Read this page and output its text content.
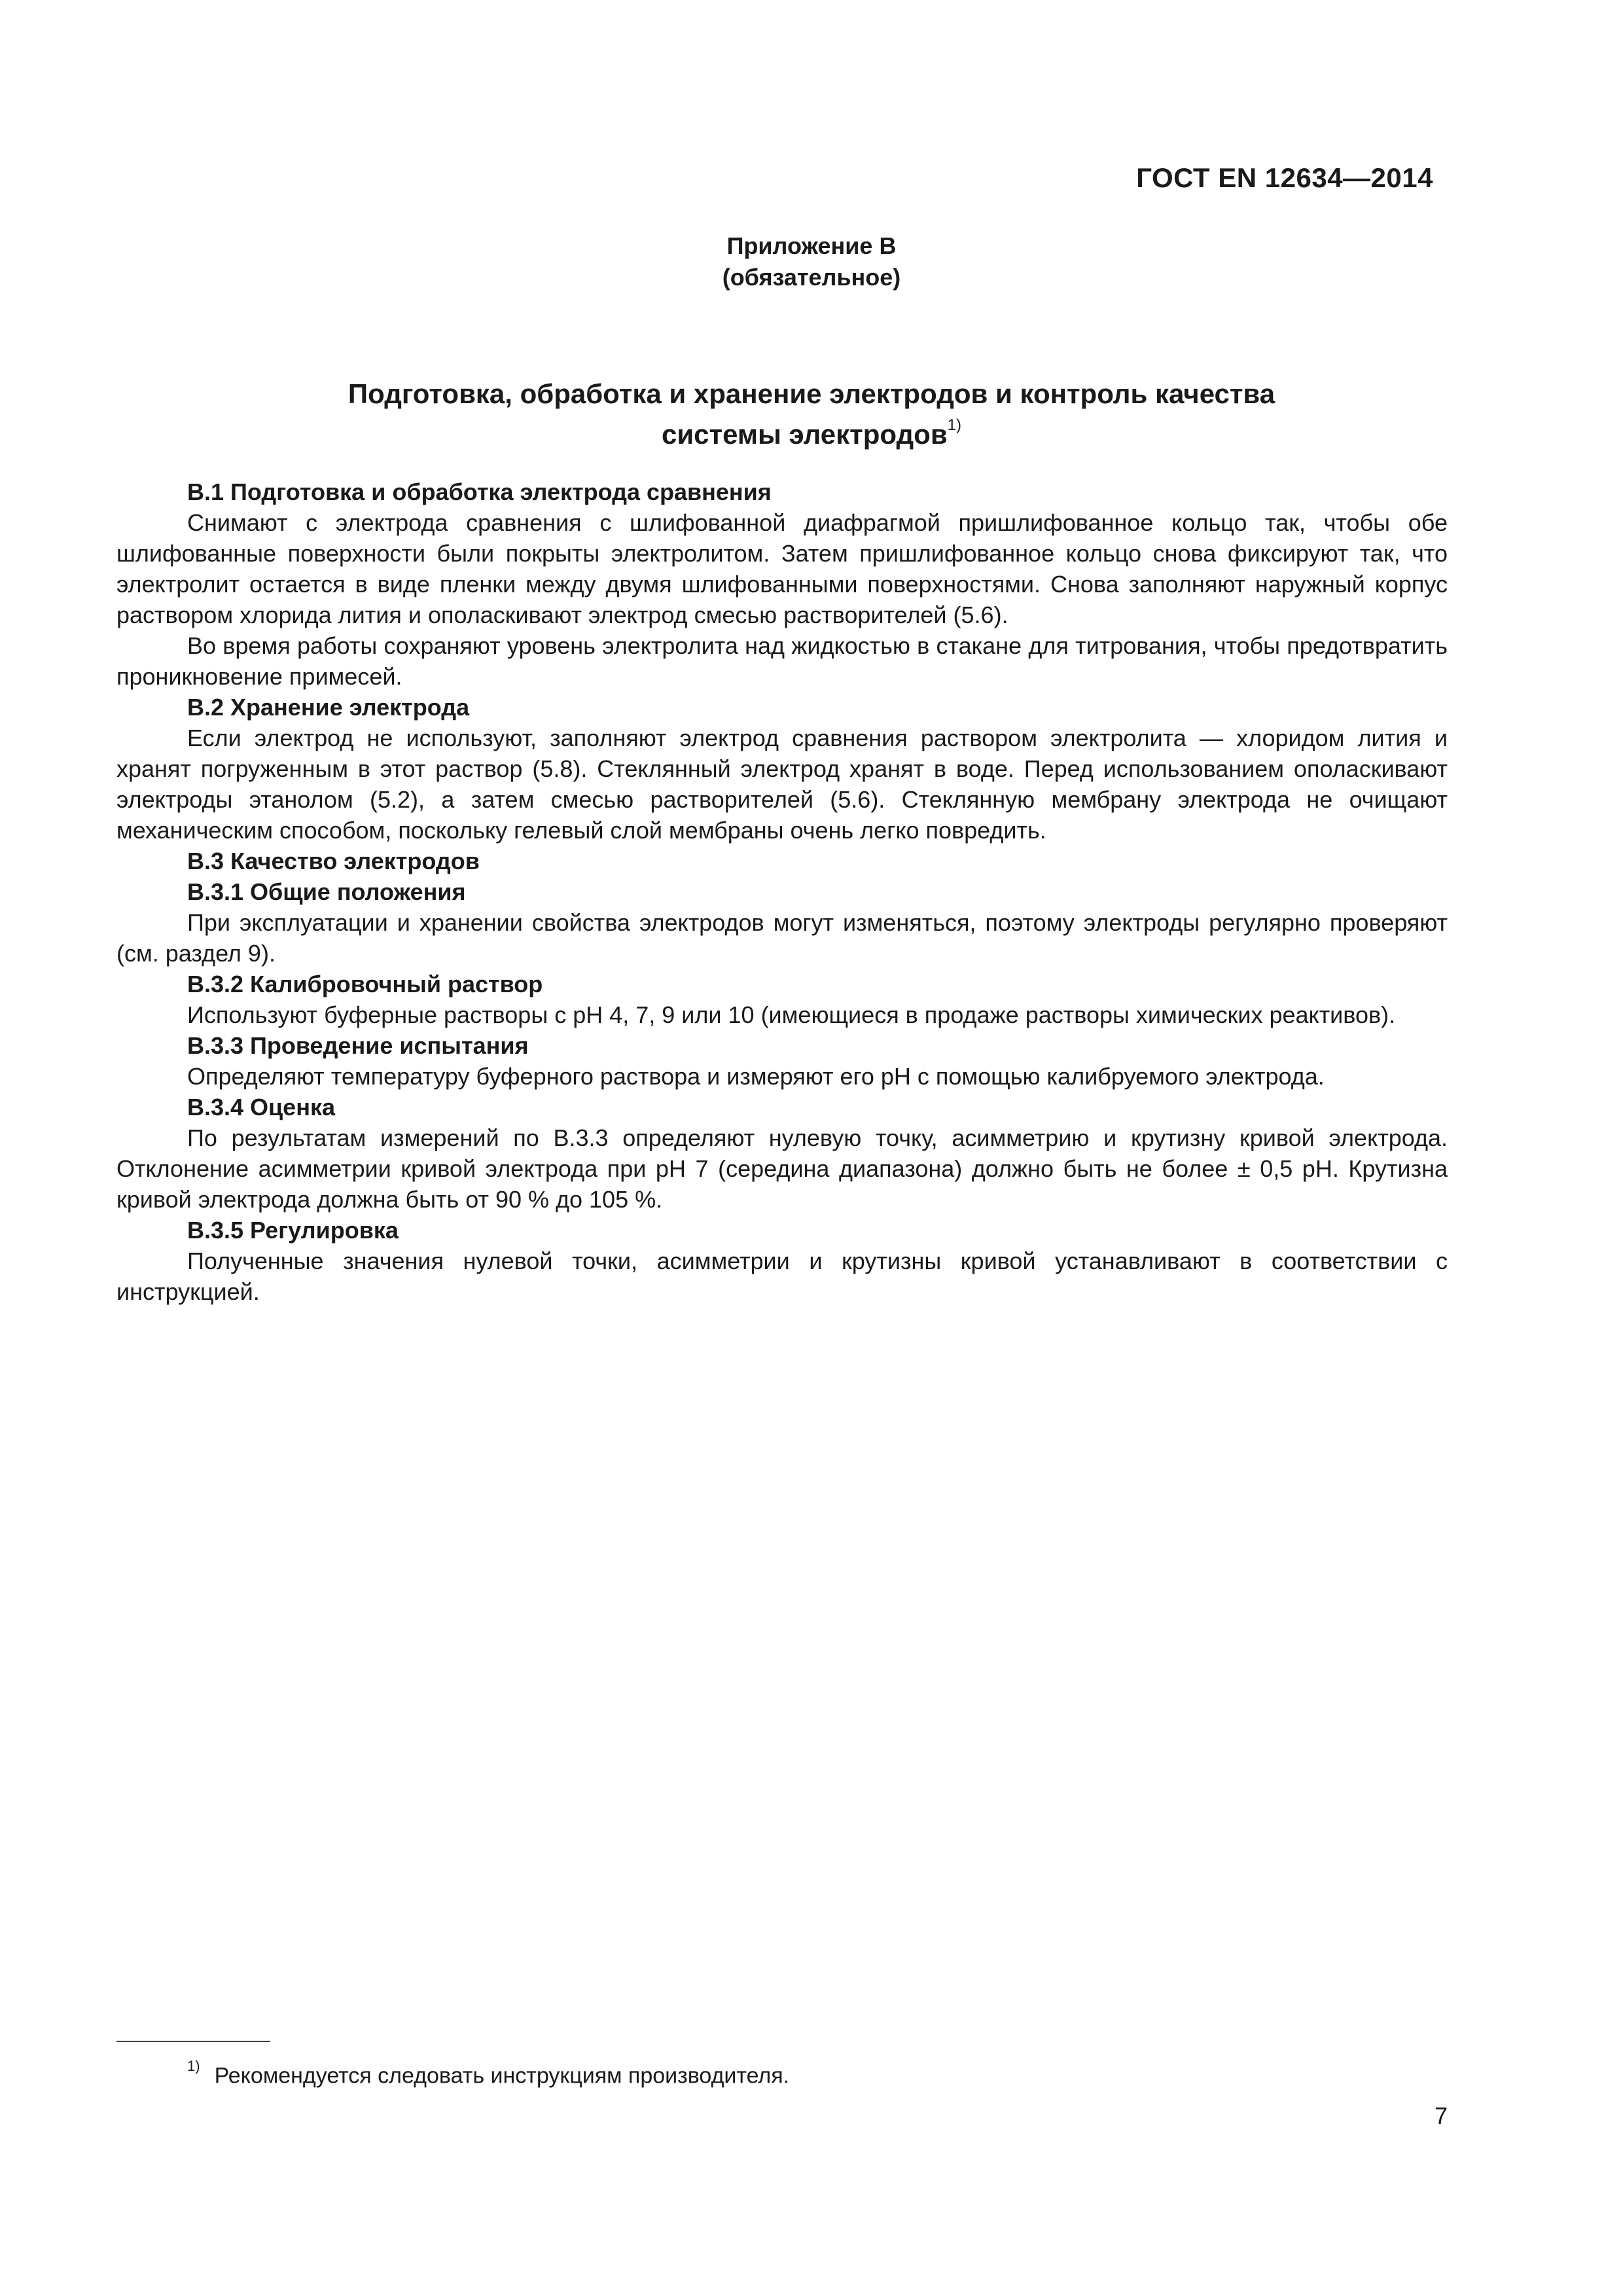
ГОСТ EN 12634—2014
Приложение В
(обязательное)
Подготовка, обработка и хранение электродов и контроль качества
системы электродов$^{1)}$
В.1 Подготовка и обработка электрода сравнения

Снимают с электрода сравнения с шлифованной диафрагмой пришлифованное кольцо так, чтобы обе шлифованные поверхности были покрыты электролитом. Затем пришлифованное кольцо снова фиксируют так, что электролит остается в виде пленки между двумя шлифованными поверхностями. Снова заполняют наружный корпус раствором хлорида лития и ополаскивают электрод смесью растворителей (5.6).

Во время работы сохраняют уровень электролита над жидкостью в стакане для титрования, чтобы предотвратить проникновение примесей.

В.2 Хранение электрода

Если электрод не используют, заполняют электрод сравнения раствором электролита — хлоридом лития и хранят погруженным в этот раствор (5.8). Стеклянный электрод хранят в воде. Перед использованием ополаскивают электроды этанолом (5.2), а затем смесью растворителей (5.6). Стеклянную мембрану электрода не очищают механическим способом, поскольку гелевый слой мембраны очень легко повредить.

В.3 Качество электродов
В.3.1 Общие положения

При эксплуатации и хранении свойства электродов могут изменяться, поэтому электроды регулярно проверяют (см. раздел 9).

В.3.2 Калибровочный раствор

Используют буферные растворы с pH 4, 7, 9 или 10 (имеющиеся в продаже растворы химических реактивов).

В.3.3 Проведение испытания

Определяют температуру буферного раствора и измеряют его pH с помощью калибруемого электрода.

В.3.4 Оценка

По результатам измерений по В.3.3 определяют нулевую точку, асимметрию и крутизну кривой электрода. Отклонение асимметрии кривой электрода при pH 7 (середина диапазона) должно быть не более ± 0,5 pH. Крутизна кривой электрода должна быть от 90 % до 105 %.

В.3.5 Регулировка

Полученные значения нулевой точки, асимметрии и крутизны кривой устанавливают в соответствии с инструкцией.

$^{1)}$ Рекомендуется следовать инструкциям производителя.
7
